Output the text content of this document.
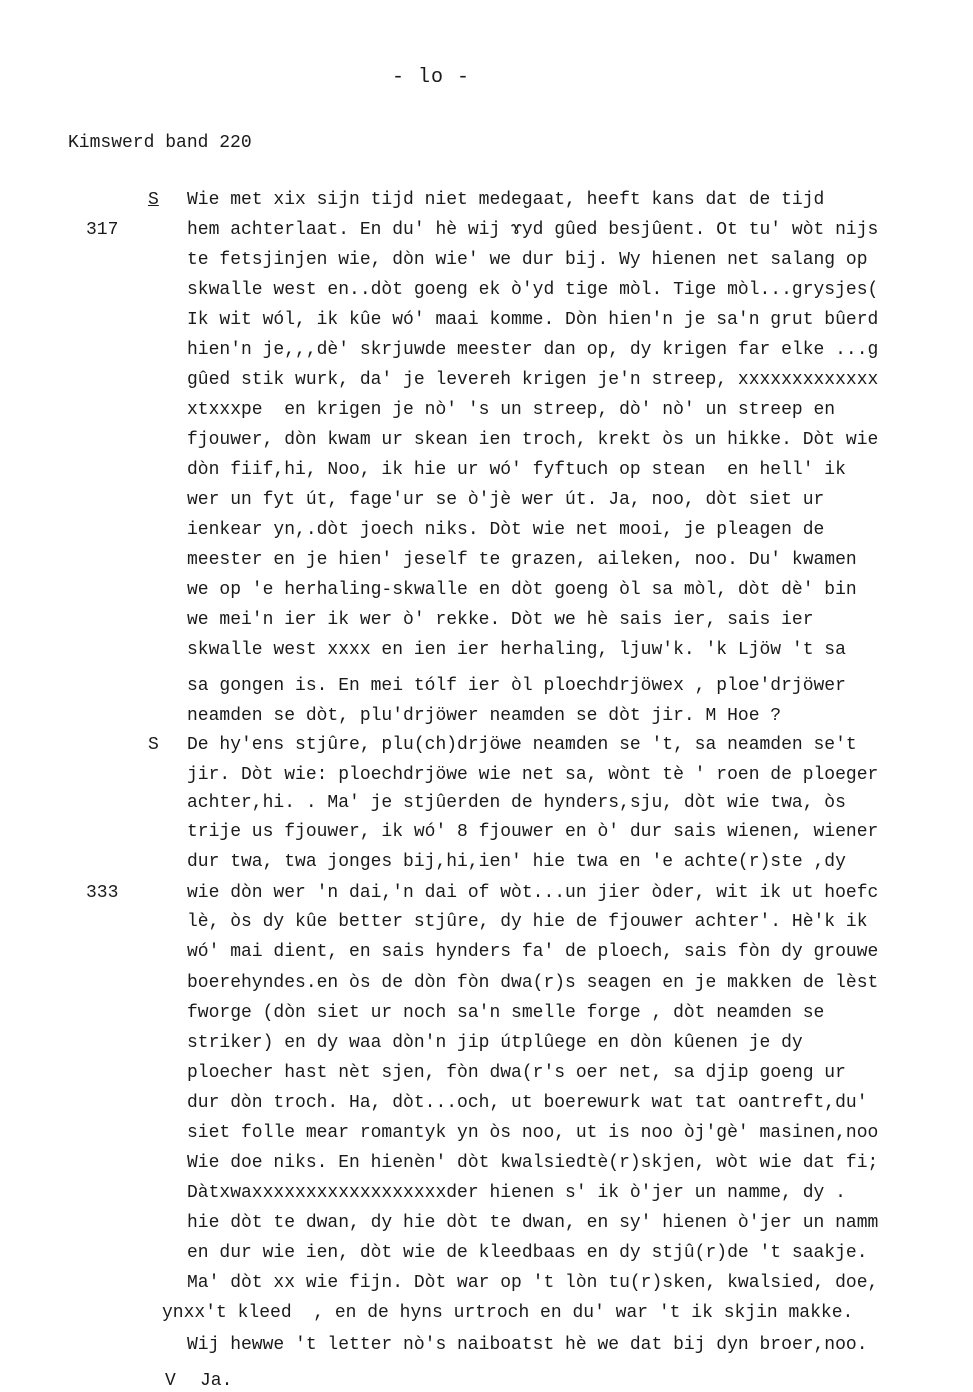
- lo -
Kimswerd band 220
S
S
V
317
333
Wie met xix sijn tijd niet medegaat, heeft kans dat de tijd
hem achterlaat. En du' hè wij ɤyd gûed besjûent. Ot tu' wòt nijs
te fetsjinjen wie, dòn wie' we dur bij. Wy hienen net salang op
skwalle west en..dòt goeng ek ò'yd tige mòl. Tige mòl...grysjes(
Ik wit wól, ik kûe wó' maai komme. Dòn hien'n je sa'n grut bûerd
hien'n je,,,dè' skrjuwde meester dan op, dy krigen far elke ...g
gûed stik wurk, da' je levereh krigen je'n streep, xxxxxxxxxxxxx
xtxxxpe  en krigen je nò' 's un streep, dò' nò' un streep en
fjouwer, dòn kwam ur skean ien troch, krekt òs un hikke. Dòt wie
dòn fiif,hi, Noo, ik hie ur wó' fyftuch op stean  en hell' ik
wer un fyt út, fage'ur se ò'jè wer út. Ja, noo, dòt siet ur
ienkear yn,.dòt joech niks. Dòt wie net mooi, je pleagen de
meester en je hien' jeself te grazen, aileken, noo. Du' kwamen
we op 'e herhaling-skwalle en dòt goeng òl sa mòl, dòt dè' bin
we mei'n ier ik wer ò' rekke. Dòt we hè sais ier, sais ier
skwalle west xxxx en ien ier herhaling, ljuw'k. 'k Ljöw 't sa
sa gongen is. En mei tólf ier òl ploechdrjöwex , ploe'drjöwer
neamden se dòt, plu'drjöwer neamden se dòt jir. M Hoe ?
De hy'ens stjûre, plu(ch)drjöwe neamden se 't, sa neamden se't
jir. Dòt wie: ploechdrjöwe wie net sa, wònt tè ' roen de ploeger
achter,hi. . Ma' je stjûerden de hynders,sju, dòt wie twa, òs
trije us fjouwer, ik wó' 8 fjouwer en ò' dur sais wienen, wiener
dur twa, twa jonges bij,hi,ien' hie twa en 'e achte(r)ste ,dy
wie dòn wer 'n dai,'n dai of wòt...un jier òder, wit ik ut hoefc
lè, òs dy kûe better stjûre, dy hie de fjouwer achter'. Hè'k ik
wó' mai dient, en sais hynders fa' de ploech, sais fòn dy grouwe
boerehyndes.en òs de dòn fòn dwa(r)s seagen en je makken de lèst
fworge (dòn siet ur noch sa'n smelle forge , dòt neamden se
striker) en dy waa dòn'n jip útplûege en dòn kûenen je dy
ploecher hast nèt sjen, fòn dwa(r's oer net, sa djip goeng ur
dur dòn troch. Ha, dòt...och, ut boerewurk wat tat oantreft,du'
siet folle mear romantyk yn òs noo, ut is noo òj'gè' masinen,noo
Wie doe niks. En hienèn' dòt kwalsiedtè(r)skjen, wòt wie dat fi;
Dàtxwaxxxxxxxxxxxxxxxxxxder hienen s' ik ò'jer un namme, dy .
hie dòt te dwan, dy hie dòt te dwan, en sy' hienen ò'jer un namm
en dur wie ien, dòt wie de kleedbaas en dy stjû(r)de 't saakje.
Ma' dòt xx wie fijn. Dòt war op 't lòn tu(r)sken, kwalsied, doe,
ynxx't kleed  , en de hyns urtroch en du' war 't ik skjin makke.
Wij hewwe 't letter nò's naiboatst hè we dat bij dyn broer,noo.
Ja.
